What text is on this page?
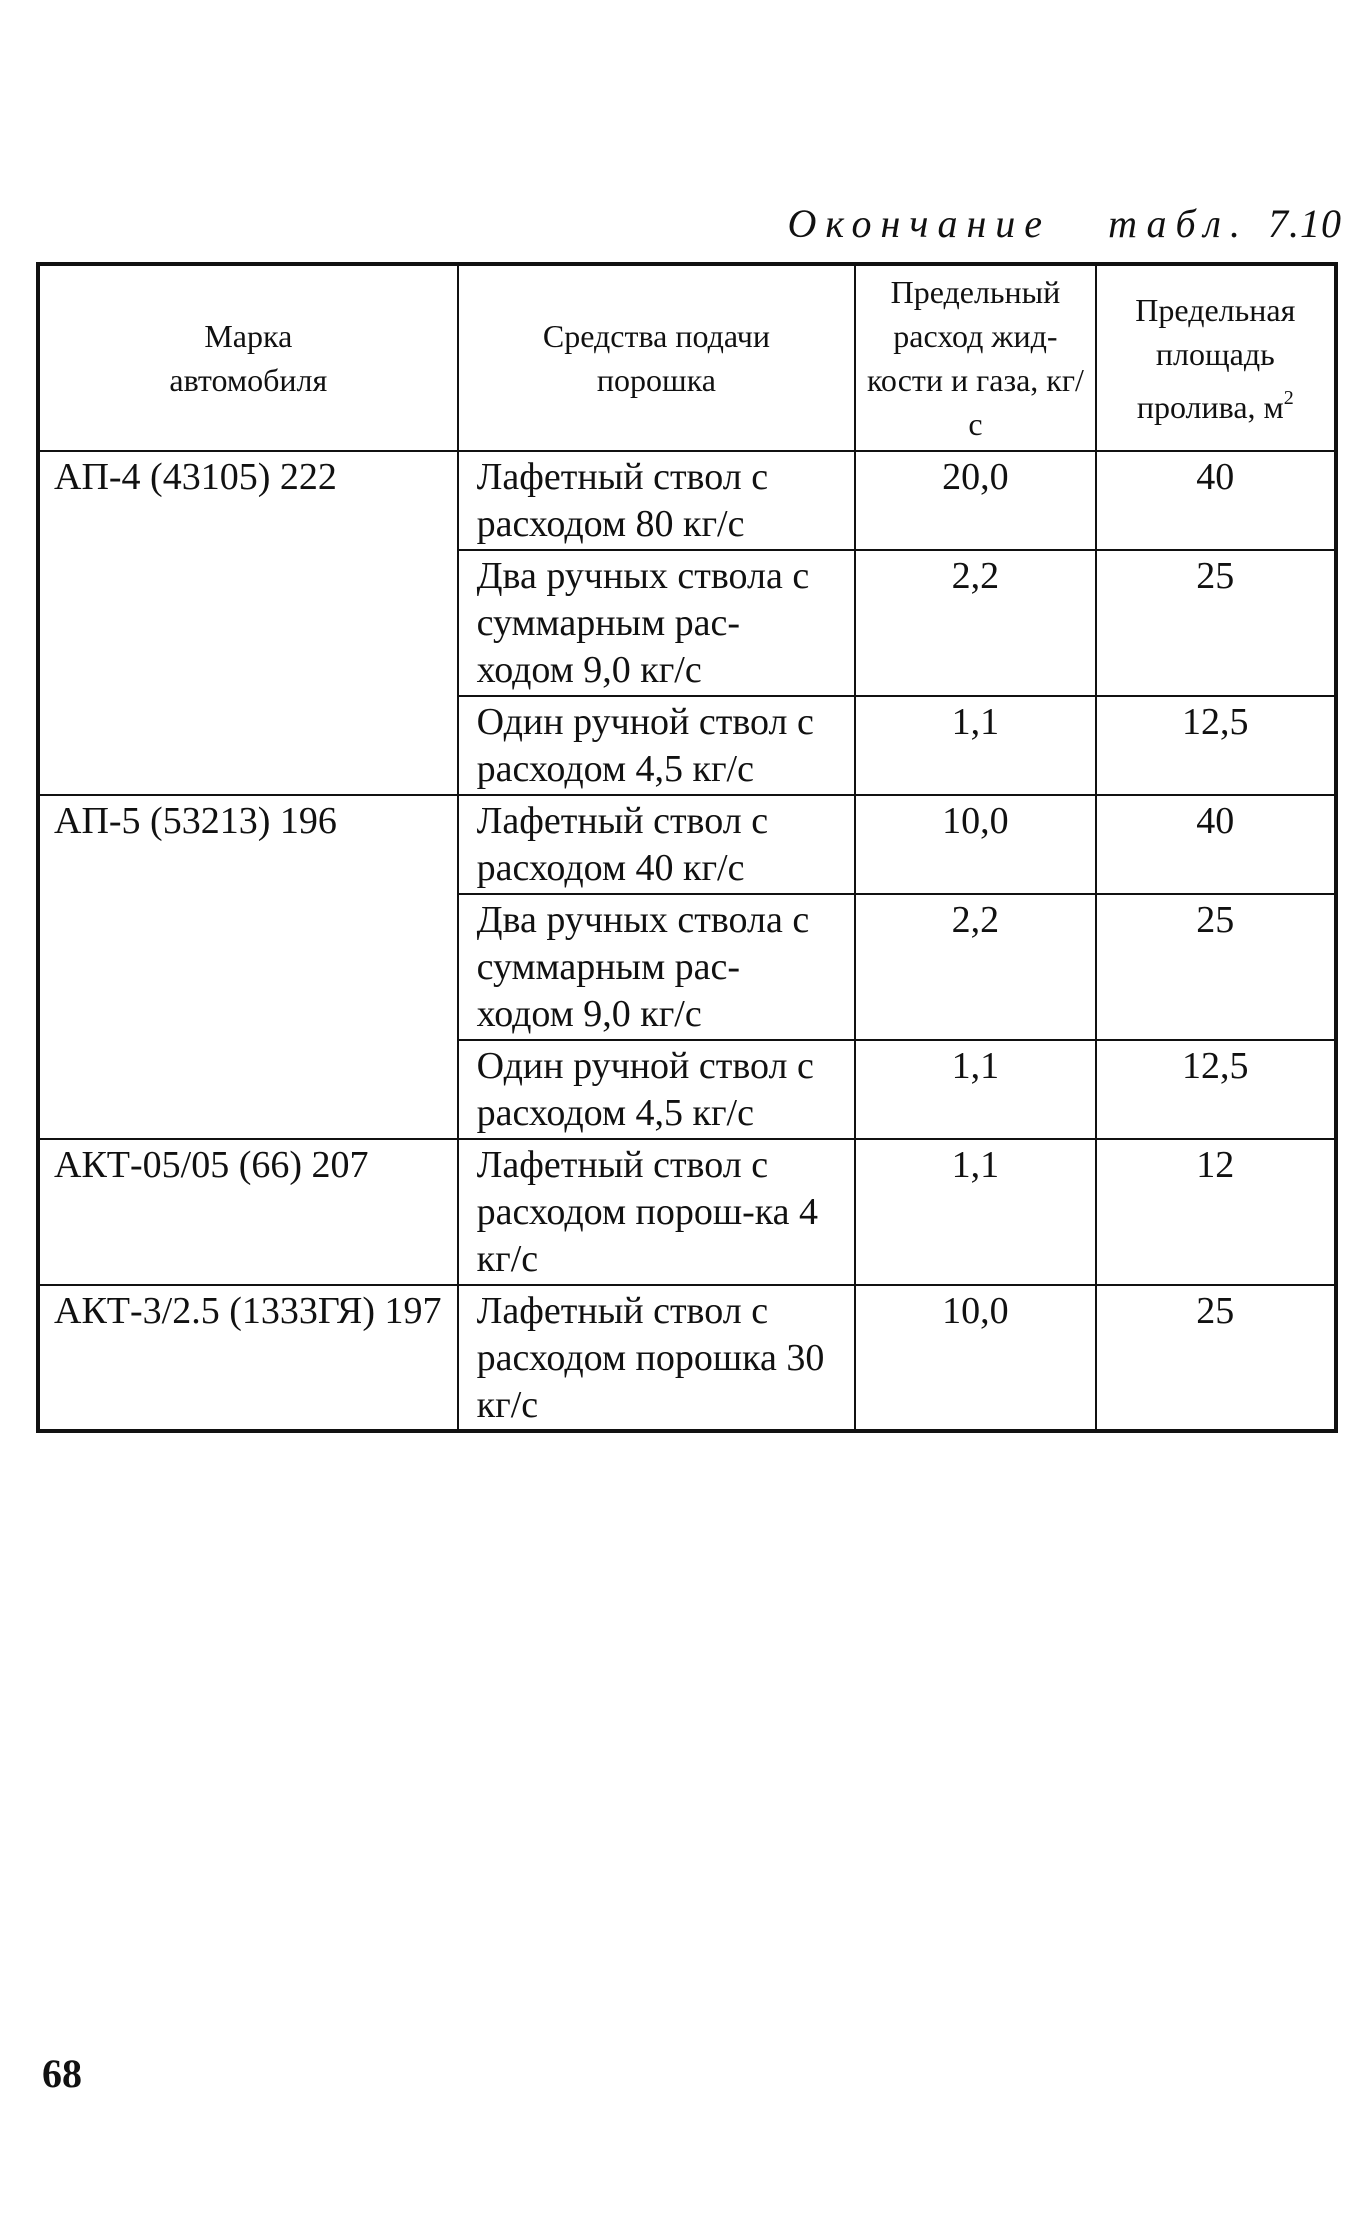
Окончание табл. 7.10
Марка автомобиля	Средства подачи порошка	Предельный расход жид-кости и газа, кг/с	Предельная площадь пролива, $м^2$

АП-4 (43105) 222	Лафетный ствол с расходом 80 кг/с	20,0	40
	Два ручных ствола с суммарным рас-ходом 9,0 кг/с	2,2	25
	Один ручной ствол с расходом 4,5 кг/с	1,1	12,5
АП-5 (53213) 196	Лафетный ствол с расходом 40 кг/с	10,0	40
	Два ручных ствола с суммарным рас-ходом 9,0 кг/с	2,2	25
	Один ручной ствол с расходом 4,5 кг/с	1,1	12,5
АКТ-05/05 (66) 207	Лафетный ствол с расходом порош-ка 4 кг/с	1,1	12
АКТ-3/2.5 (1333ГЯ) 197	Лафетный ствол с расходом порошка 30 кг/с	10,0	25
68
